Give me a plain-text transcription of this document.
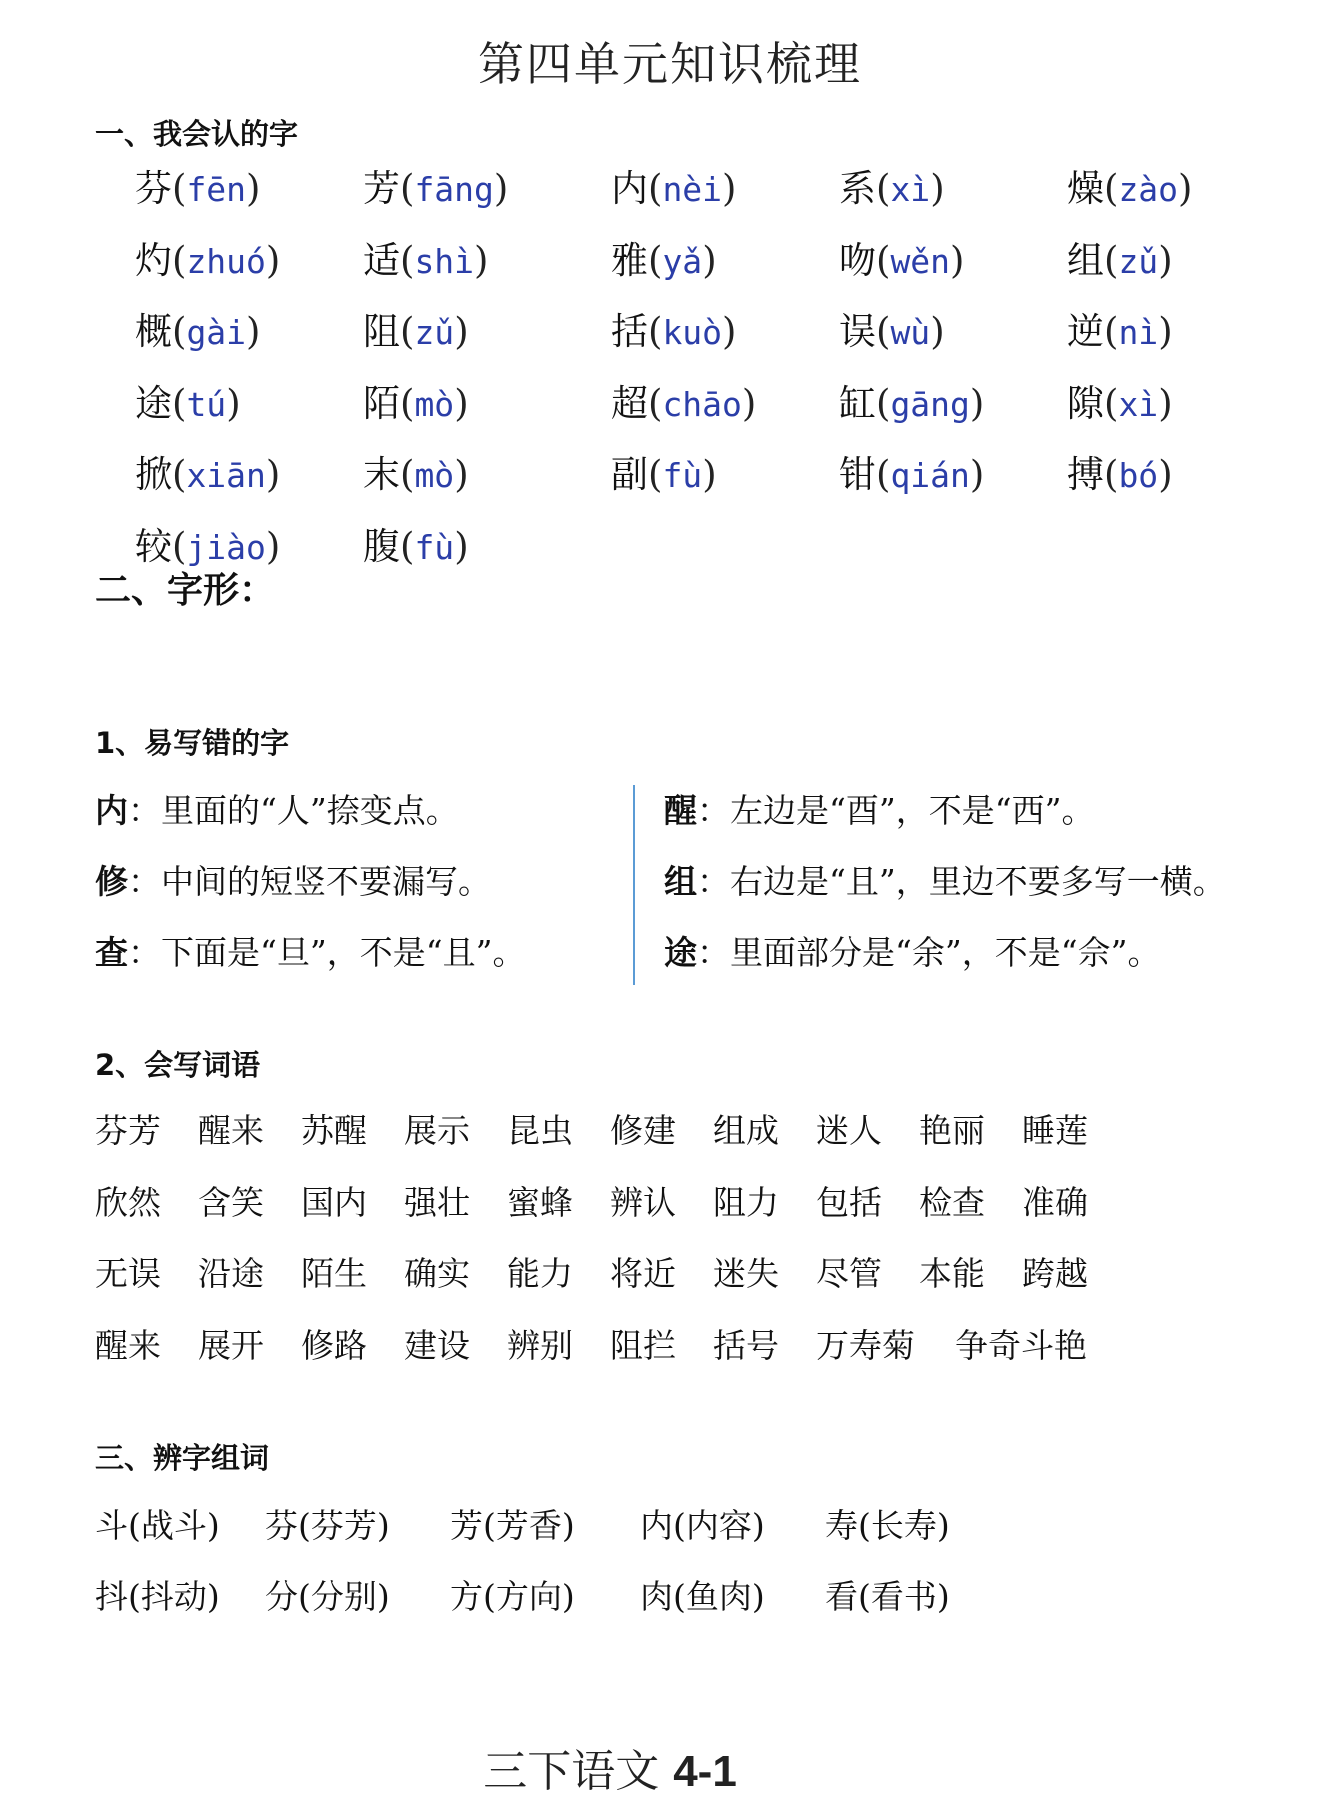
第四单元知识梳理
一、我会认的字
芬(fēn)	芳(fāng)	内(nèi)	系(xì)	燥(zào)
灼(zhuó)	适(shì)	雅(yǎ)	吻(wěn)	组(zǔ)
概(gài)	阻(zǔ)	括(kuò)	误(wù)	逆(nì)
途(tú)	陌(mò)	超(chāo)	缸(gāng)	隙(xì)
掀(xiān)	末(mò)	副(fù)	钳(qián)	搏(bó)
较(jiào)	腹(fù)
二、字形：
1、易写错的字
内：里面的“人”捺变点。
修：中间的短竖不要漏写。
查：下面是“旦”，不是“且”。
醒：左边是“酉”，不是“西”。
组：右边是“且”，里边不要多写一横。
途：里面部分是“余”，不是“佘”。
2、会写词语
芬芳 醒来 苏醒 展示 昆虫 修建 组成 迷人 艳丽 睡莲
欣然 含笑 国内 强壮 蜜蜂 辨认 阻力 包括 检查 准确
无误 沿途 陌生 确实 能力 将近 迷失 尽管 本能 跨越
醒来 展开 修路 建设 辨别 阻拦 括号 万寿菊 争奇斗艳
三、辨字组词
斗(战斗) 芬(芬芳) 芳(芳香) 内(内容) 寿(长寿)
抖(抖动) 分(分别) 方(方向) 肉(鱼肉) 看(看书)
三下语文 4-1
